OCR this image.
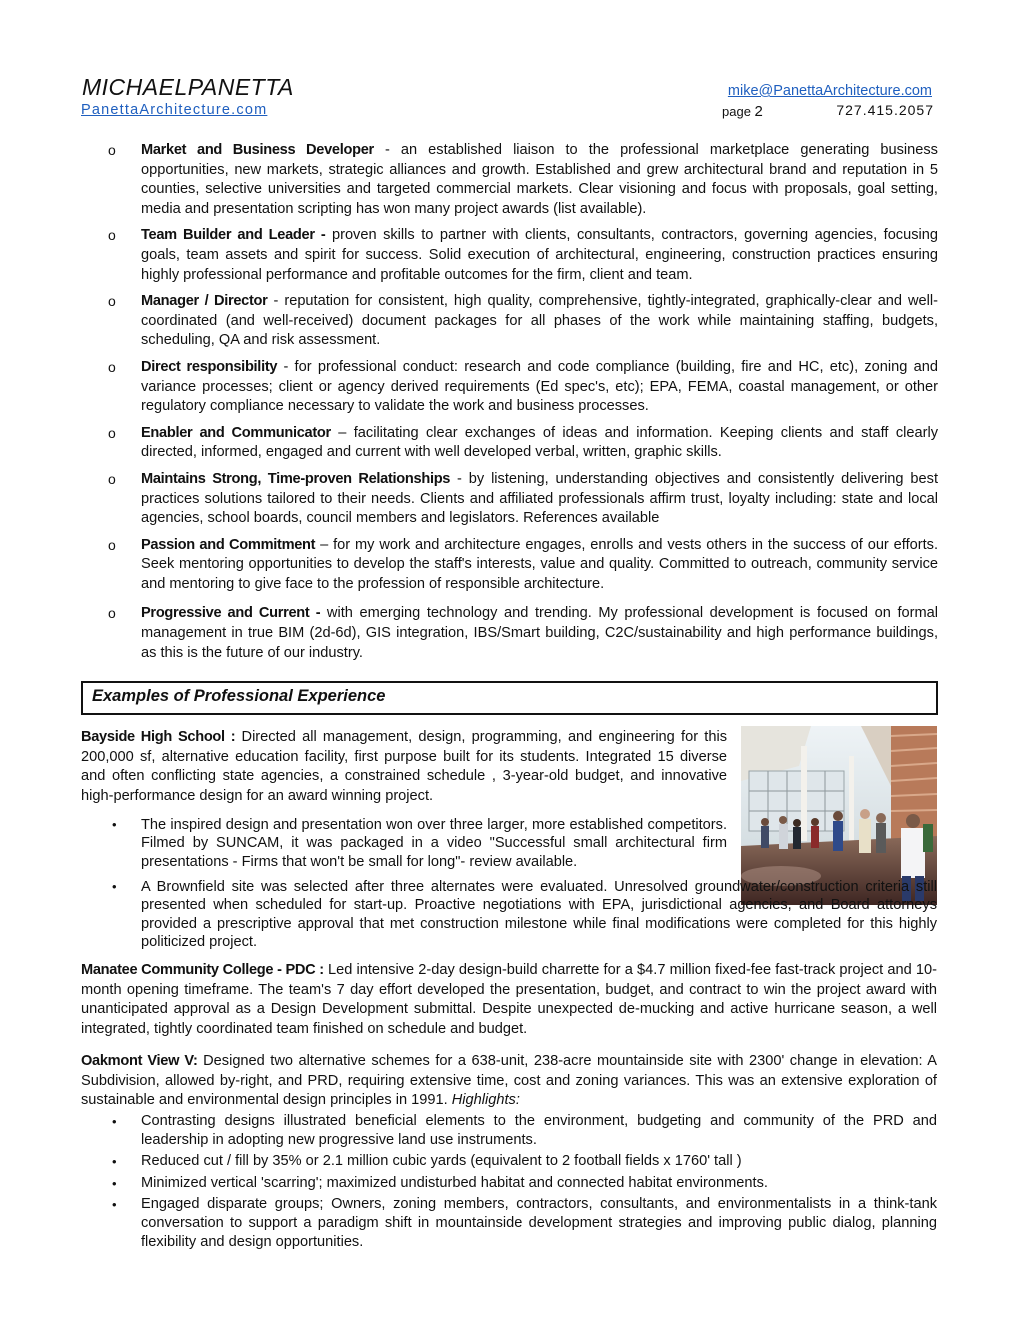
MICHAELPANETTA
PanettaArchitecture.com
mike@PanettaArchitecture.com
page 2	727.415.2057
o Market and Business Developer - an established liaison to the professional marketplace generating business opportunities, new markets, strategic alliances and growth. Established and grew architectural brand and reputation in 5 counties, selective universities and targeted commercial markets. Clear visioning and focus with proposals, goal setting, media and presentation scripting has won many project awards (list available).
o Team Builder and Leader - proven skills to partner with clients, consultants, contractors, governing agencies, focusing goals, team assets and spirit for success. Solid execution of architectural, engineering, construction practices ensuring highly professional performance and profitable outcomes for the firm, client and team.
o Manager / Director - reputation for consistent, high quality, comprehensive, tightly-integrated, graphically-clear and well-coordinated (and well-received) document packages for all phases of the work while maintaining staffing, budgets, scheduling, QA and risk assessment.
o Direct responsibility - for professional conduct: research and code compliance (building, fire and HC, etc), zoning and variance processes; client or agency derived requirements (Ed spec's, etc); EPA, FEMA, coastal management, or other regulatory compliance necessary to validate the work and business processes.
o Enabler and Communicator – facilitating clear exchanges of ideas and information. Keeping clients and staff clearly directed, informed, engaged and current with well developed verbal, written, graphic skills.
o Maintains Strong, Time-proven Relationships - by listening, understanding objectives and consistently delivering best practices solutions tailored to their needs. Clients and affiliated professionals affirm trust, loyalty including: state and local agencies, school boards, council members and legislators. References available
o Passion and Commitment – for my work and architecture engages, enrolls and vests others in the success of our efforts. Seek mentoring opportunities to develop the staff's interests, value and quality. Committed to outreach, community service and mentoring to give face to the profession of responsible architecture.
o Progressive and Current - with emerging technology and trending. My professional development is focused on formal management in true BIM (2d-6d), GIS integration, IBS/Smart building, C2C/sustainability and high performance buildings, as this is the future of our industry.
Examples of Professional Experience
Bayside High School : Directed all management, design, programming, and engineering for this 200,000 sf, alternative education facility, first purpose built for its students. Integrated 15 diverse and often conflicting state agencies, a constrained schedule , 3-year-old budget, and innovative high-performance design for an award winning project.
• The inspired design and presentation won over three larger, more established competitors. Filmed by SUNCAM, it was packaged in a video "Successful small architectural firm presentations - Firms that won't be small for long"- review available.
• A Brownfield site was selected after three alternates were evaluated. Unresolved groundwater/construction criteria still presented when scheduled for start-up. Proactive negotiations with EPA, jurisdictional agencies, and Board attorneys provided a prescriptive approval that met construction milestone while final modifications were completed for this highly politicized project.
Manatee Community College - PDC : Led intensive 2-day design-build charrette for a $4.7 million fixed-fee fast-track project and 10-month opening timeframe. The team's 7 day effort developed the presentation, budget, and contract to win the project award with unanticipated approval as a Design Development submittal. Despite unexpected de-mucking and active hurricane season, a well integrated, tightly coordinated team finished on schedule and budget.
Oakmont View V: Designed two alternative schemes for a 638-unit, 238-acre mountainside site with 2300' change in elevation: A Subdivision, allowed by-right, and PRD, requiring extensive time, cost and zoning variances. This was an extensive exploration of sustainable and environmental design principles in 1991. Highlights:
• Contrasting designs illustrated beneficial elements to the environment, budgeting and community of the PRD and leadership in adopting new progressive land use instruments.
• Reduced cut / fill by 35% or 2.1 million cubic yards (equivalent to 2 football fields x 1760' tall )
• Minimized vertical 'scarring'; maximized undisturbed habitat and connected habitat environments.
• Engaged disparate groups; Owners, zoning members, contractors, consultants, and environmentalists in a think-tank conversation to support a paradigm shift in mountainside development strategies and improving public dialog, planning flexibility and design opportunities.
